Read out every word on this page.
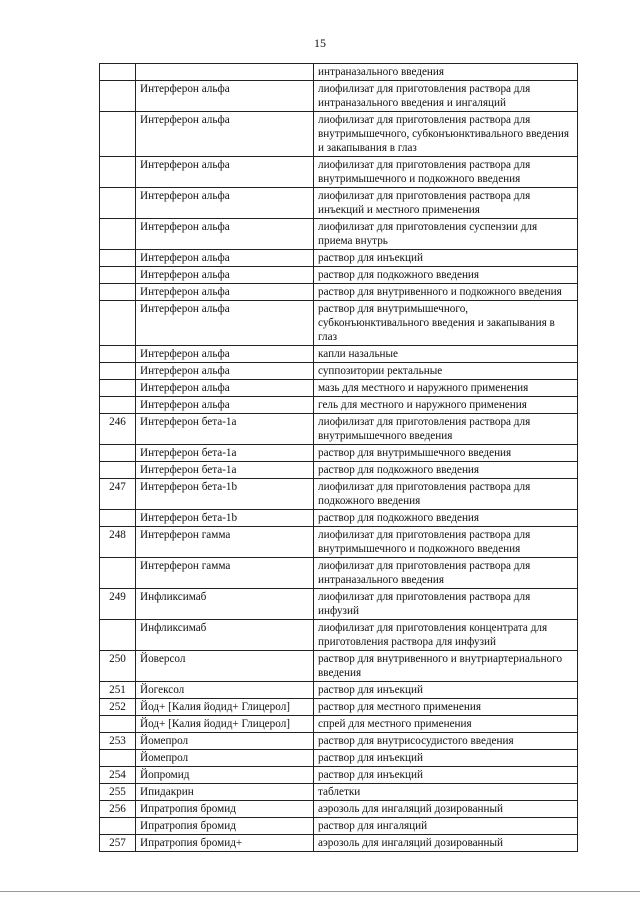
15
		интраназального введения
	Интерферон альфа	лиофилизат для приготовления раствора для интраназального введения и ингаляций
	Интерферон альфа	лиофилизат для приготовления раствора для внутримышечного, субконъюнктивального введения и закапывания в глаз
	Интерферон альфа	лиофилизат для приготовления раствора для внутримышечного и подкожного введения
	Интерферон альфа	лиофилизат для приготовления раствора для инъекций и местного применения
	Интерферон альфа	лиофилизат для приготовления суспензии для приема внутрь
	Интерферон альфа	раствор для инъекций
	Интерферон альфа	раствор для подкожного введения
	Интерферон альфа	раствор для внутривенного и подкожного введения
	Интерферон альфа	раствор для внутримышечного, субконъюнктивального введения и закапывания в глаз
	Интерферон альфа	капли назальные
	Интерферон альфа	суппозитории ректальные
	Интерферон альфа	мазь для местного и наружного применения
	Интерферон альфа	гель для местного и наружного применения
246	Интерферон бета-1а	лиофилизат для приготовления раствора для внутримышечного введения
	Интерферон бета-1а	раствор для внутримышечного введения
	Интерферон бета-1а	раствор для подкожного введения
247	Интерферон бета-1b	лиофилизат для приготовления раствора для подкожного введения
	Интерферон бета-1b	раствор для подкожного введения
248	Интерферон гамма	лиофилизат для приготовления раствора для внутримышечного и подкожного введения
	Интерферон гамма	лиофилизат для приготовления раствора для интраназального введения
249	Инфликсимаб	лиофилизат для приготовления раствора для инфузий
	Инфликсимаб	лиофилизат для приготовления концентрата для приготовления раствора для инфузий
250	Йоверсол	раствор для внутривенного и внутриартериального введения
251	Йогексол	раствор для инъекций
252	Йод+ [Калия йодид+ Глицерол]	раствор для местного применения
	Йод+ [Калия йодид+ Глицерол]	спрей для местного применения
253	Йомепрол	раствор для внутрисосудистого введения
	Йомепрол	раствор для инъекций
254	Йопромид	раствор для инъекций
255	Ипидакрин	таблетки
256	Ипратропия бромид	аэрозоль для ингаляций дозированный
	Ипратропия бромид	раствор для ингаляций
257	Ипратропия бромид+	аэрозоль для ингаляций дозированный
